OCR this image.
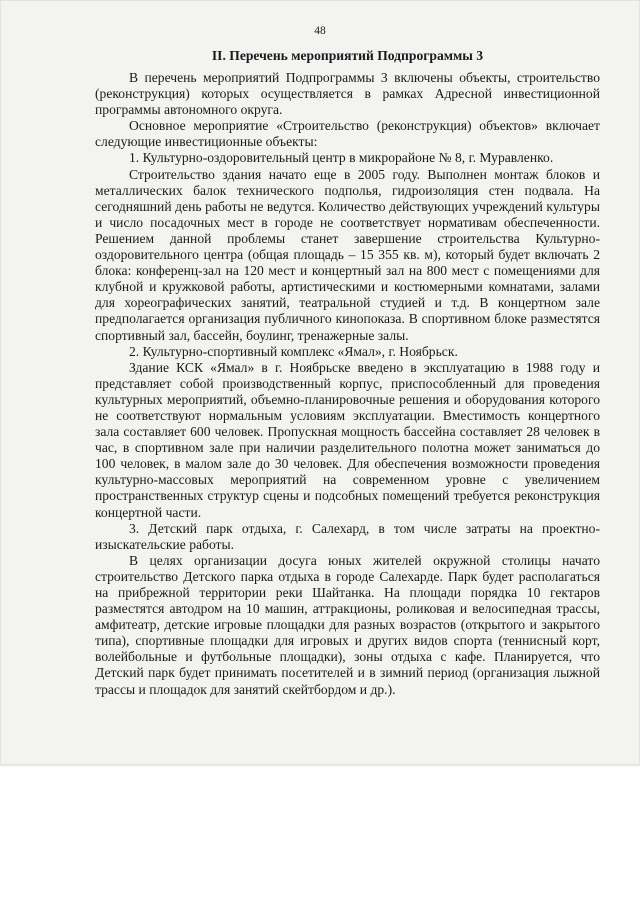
48
II. Перечень мероприятий Подпрограммы 3

В перечень мероприятий Подпрограммы 3 включены объекты, строительство (реконструкция) которых осуществляется в рамках Адресной инвестиционной программы автономного округа.

Основное мероприятие «Строительство (реконструкция) объектов» включает следующие инвестиционные объекты:

1. Культурно-оздоровительный центр в микрорайоне № 8, г. Муравленко.

Строительство здания начато еще в 2005 году. Выполнен монтаж блоков и металлических балок технического подполья, гидроизоляция стен подвала. На сегодняшний день работы не ведутся. Количество действующих учреждений культуры и число посадочных мест в городе не соответствует нормативам обеспеченности. Решением данной проблемы станет завершение строительства Культурно-оздоровительного центра (общая площадь – 15 355 кв. м), который будет включать 2 блока: конференц-зал на 120 мест и концертный зал на 800 мест с помещениями для клубной и кружковой работы, артистическими и костюмерными комнатами, залами для хореографических занятий, театральной студией и т.д. В концертном зале предполагается организация публичного кинопоказа. В спортивном блоке разместятся спортивный зал, бассейн, боулинг, тренажерные залы.

2. Культурно-спортивный комплекс «Ямал», г. Ноябрьск.

Здание КСК «Ямал» в г. Ноябрьске введено в эксплуатацию в 1988 году и представляет собой производственный корпус, приспособленный для проведения культурных мероприятий, объемно-планировочные решения и оборудования которого не соответствуют нормальным условиям эксплуатации. Вместимость концертного зала составляет 600 человек. Пропускная мощность бассейна составляет 28 человек в час, в спортивном зале при наличии разделительного полотна может заниматься до 100 человек, в малом зале до 30 человек. Для обеспечения возможности проведения культурно-массовых мероприятий на современном уровне с увеличением пространственных структур сцены и подсобных помещений требуется реконструкция концертной части.

3. Детский парк отдыха, г. Салехард, в том числе затраты на проектно-изыскательские работы.

В целях организации досуга юных жителей окружной столицы начато строительство Детского парка отдыха в городе Салехарде. Парк будет располагаться на прибрежной территории реки Шайтанка. На площади порядка 10 гектаров разместятся автодром на 10 машин, аттракционы, роликовая и велосипедная трассы, амфитеатр, детские игровые площадки для разных возрастов (открытого и закрытого типа), спортивные площадки для игровых и других видов спорта (теннисный корт, волейбольные и футбольные площадки), зоны отдыха с кафе. Планируется, что Детский парк будет принимать посетителей и в зимний период (организация лыжной трассы и площадок для занятий скейтбордом и др.).
